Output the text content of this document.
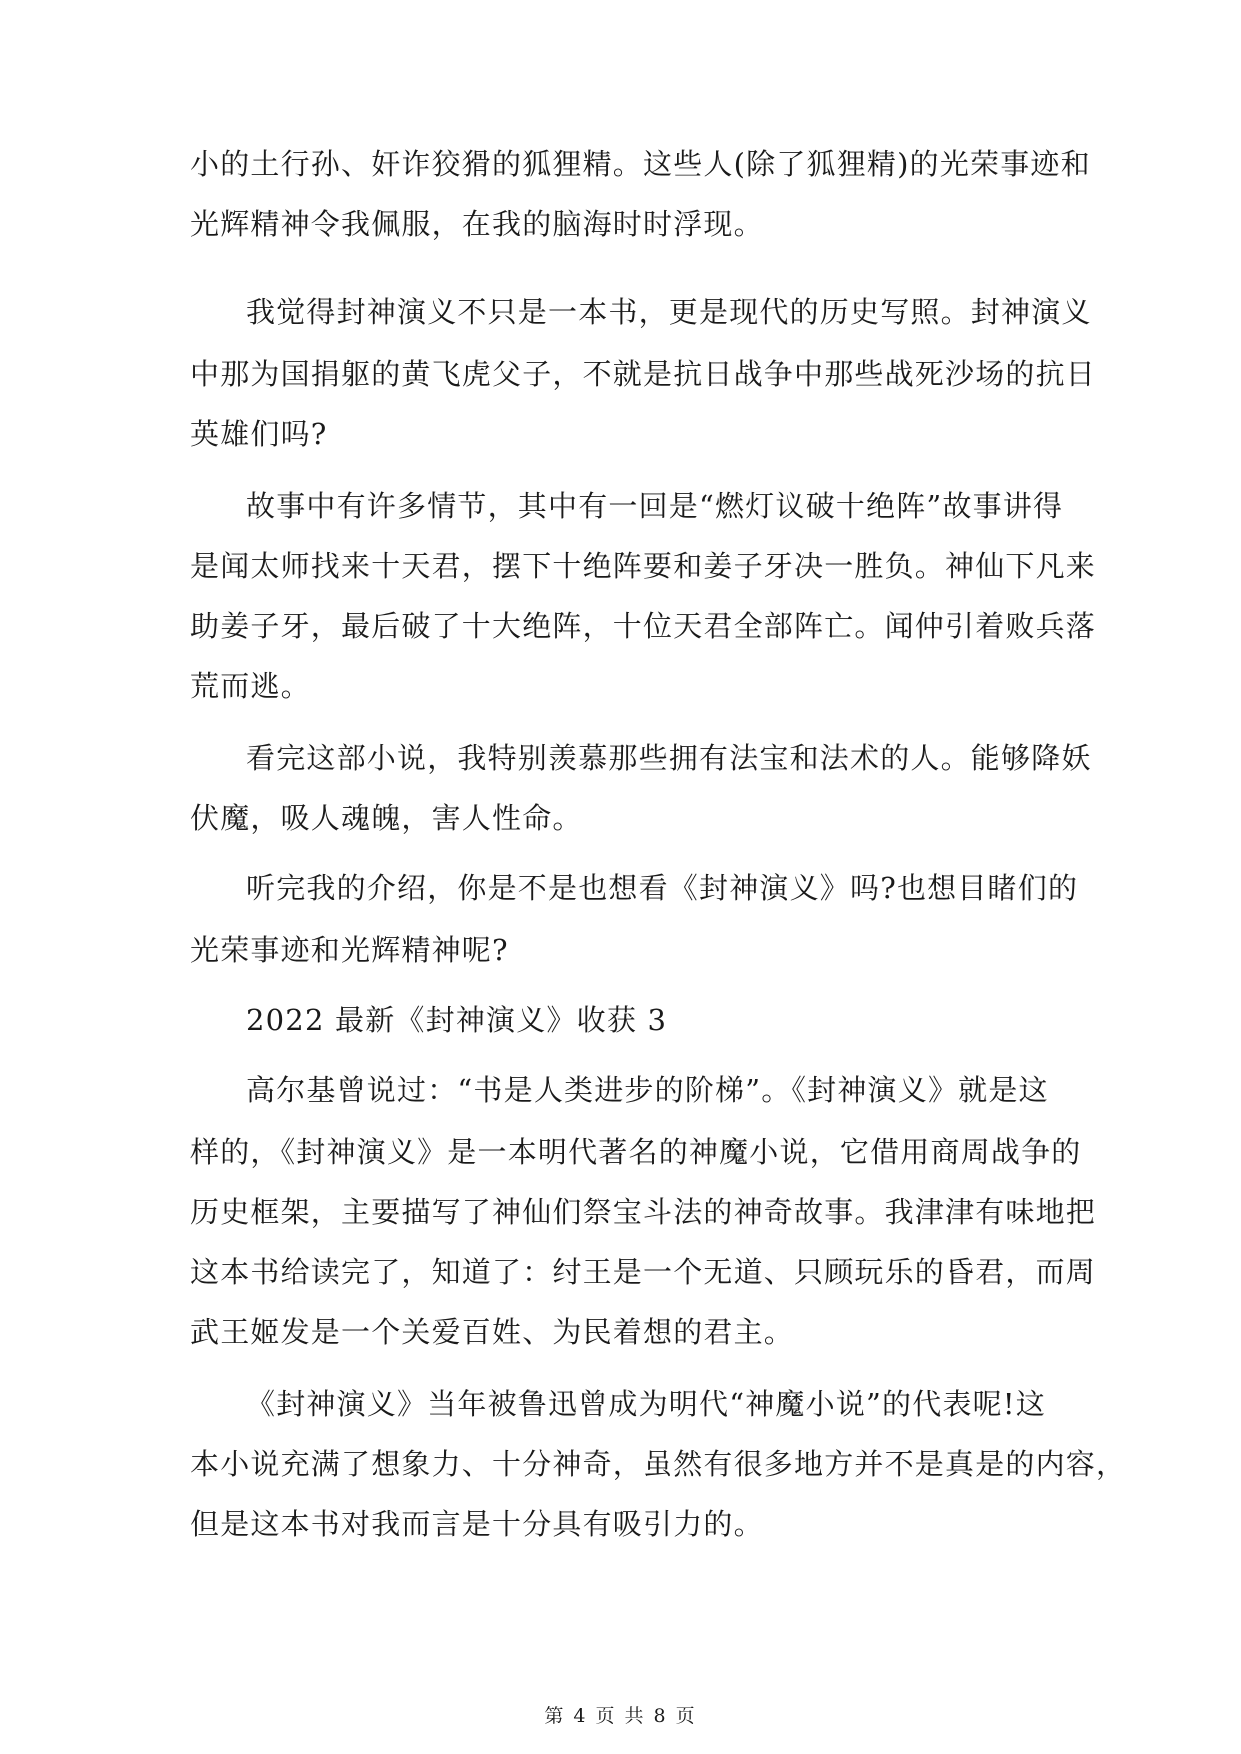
小的土行孙、奸诈狡猾的狐狸精。这些人(除了狐狸精)的光荣事迹和
光辉精神令我佩服，在我的脑海时时浮现。
我觉得封神演义不只是一本书，更是现代的历史写照。封神演义
中那为国捐躯的黄飞虎父子，不就是抗日战争中那些战死沙场的抗日
英雄们吗?
故事中有许多情节，其中有一回是“燃灯议破十绝阵”故事讲得
是闻太师找来十天君，摆下十绝阵要和姜子牙决一胜负。神仙下凡来
助姜子牙，最后破了十大绝阵，十位天君全部阵亡。闻仲引着败兵落
荒而逃。
看完这部小说，我特别羡慕那些拥有法宝和法术的人。能够降妖
伏魔，吸人魂魄，害人性命。
听完我的介绍，你是不是也想看《封神演义》吗?也想目睹们的
光荣事迹和光辉精神呢?
2022 最新《封神演义》收获 3
高尔基曾说过：“书是人类进步的阶梯”。《封神演义》就是这
样的，《封神演义》是一本明代著名的神魔小说，它借用商周战争的
历史框架，主要描写了神仙们祭宝斗法的神奇故事。我津津有味地把
这本书给读完了，知道了：纣王是一个无道、只顾玩乐的昏君，而周
武王姬发是一个关爱百姓、为民着想的君主。
《封神演义》当年被鲁迅曾成为明代“神魔小说”的代表呢!这
本小说充满了想象力、十分神奇，虽然有很多地方并不是真是的内容，
但是这本书对我而言是十分具有吸引力的。
第 4 页 共 8 页
